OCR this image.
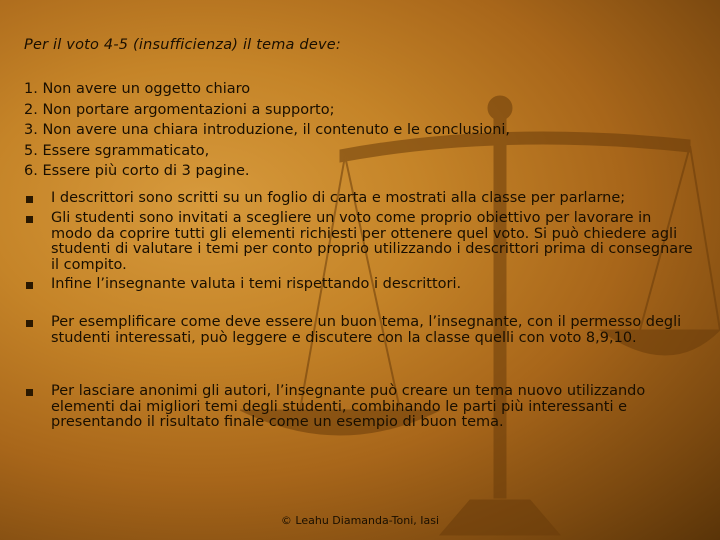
Per il voto 4-5 (insufficienza) il tema deve:
1. Non avere un oggetto chiaro
2. Non portare argomentazioni a supporto;
3. Non avere una chiara introduzione, il contenuto e le conclusioni,
5. Essere sgrammaticato,
6. Essere più corto di 3 pagine.
I descrittori sono scritti su un foglio di carta e mostrati alla classe per parlarne;
Gli studenti sono invitati a scegliere un voto come proprio obiettivo per lavorare in modo da coprire tutti gli elementi richiesti per ottenere quel voto. Si può chiedere agli studenti di valutare i temi per conto proprio utilizzando i descrittori prima di consegnare il compito.
Infine l’insegnante valuta i temi rispettando i descrittori.
Per esemplificare come deve essere un buon tema, l’insegnante, con il permesso degli studenti interessati, può leggere e discutere con la classe quelli con voto 8,9,10.
Per lasciare anonimi gli autori, l’insegnante può creare un tema nuovo utilizzando elementi dai migliori temi degli studenti, combinando le parti più interessanti e presentando il risultato finale come un esempio di buon tema.
© Leahu Diamanda-Toni, Iasi
